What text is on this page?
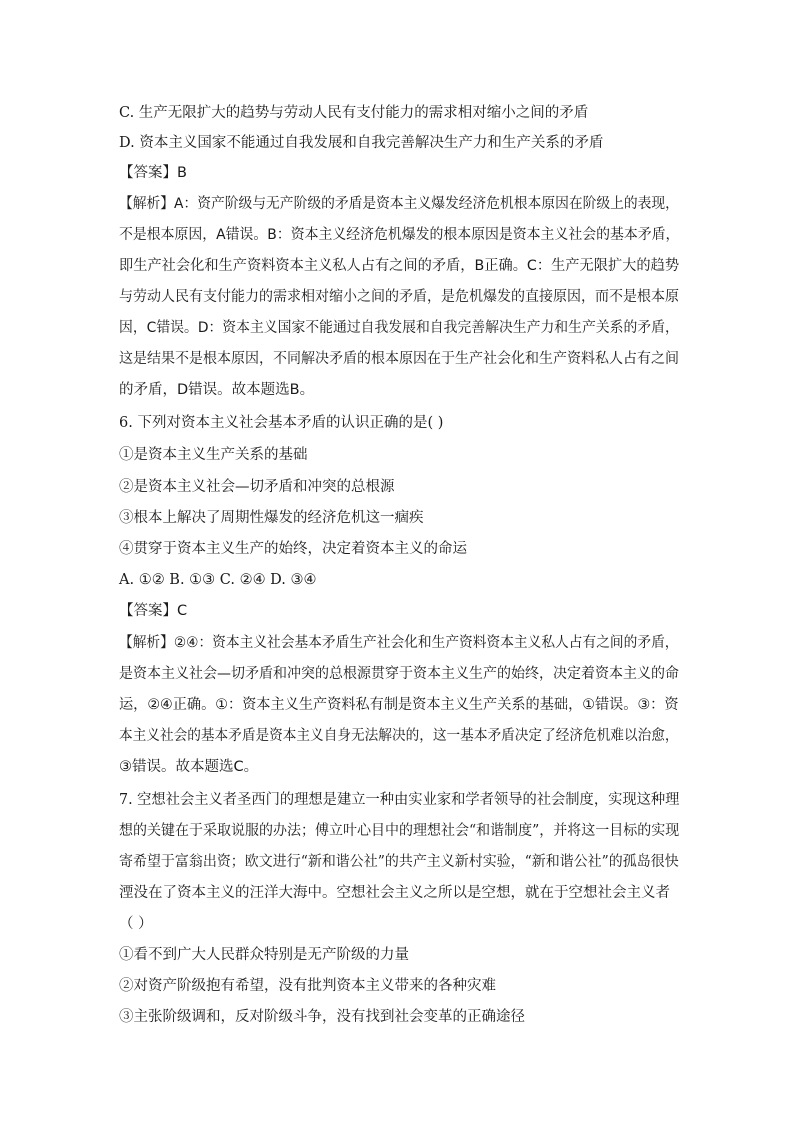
C. 生产无限扩大的趋势与劳动人民有支付能力的需求相对缩小之间的矛盾
D. 资本主义国家不能通过自我发展和自我完善解决生产力和生产关系的矛盾
【答案】B
【解析】A：资产阶级与无产阶级的矛盾是资本主义爆发经济危机根本原因在阶级上的表现，
不是根本原因，A错误。B：资本主义经济危机爆发的根本原因是资本主义社会的基本矛盾，
即生产社会化和生产资料资本主义私人占有之间的矛盾，B正确。C：生产无限扩大的趋势
与劳动人民有支付能力的需求相对缩小之间的矛盾，是危机爆发的直接原因，而不是根本原
因，C错误。D：资本主义国家不能通过自我发展和自我完善解决生产力和生产关系的矛盾，
这是结果不是根本原因，不同解决矛盾的根本原因在于生产社会化和生产资料私人占有之间
的矛盾，D错误。故本题选B。
6. 下列对资本主义社会基本矛盾的认识正确的是( )
①是资本主义生产关系的基础
②是资本主义社会—切矛盾和冲突的总根源
③根本上解决了周期性爆发的经济危机这一痼疾
④贯穿于资本主义生产的始终，决定着资本主义的命运
A. ①② B. ①③ C. ②④ D. ③④
【答案】C
【解析】②④：资本主义社会基本矛盾生产社会化和生产资料资本主义私人占有之间的矛盾，
是资本主义社会—切矛盾和冲突的总根源贯穿于资本主义生产的始终，决定着资本主义的命
运，②④正确。①：资本主义生产资料私有制是资本主义生产关系的基础，①错误。③：资
本主义社会的基本矛盾是资本主义自身无法解决的，这一基本矛盾决定了经济危机难以治愈，
③错误。故本题选C。
7. 空想社会主义者圣西门的理想是建立一种由实业家和学者领导的社会制度，实现这种理
想的关键在于采取说服的办法；傅立叶心目中的理想社会“和谐制度”，并将这一目标的实现
寄希望于富翁出资；欧文进行“新和谐公社”的共产主义新村实验，“新和谐公社”的孤岛很快
湮没在了资本主义的汪洋大海中。空想社会主义之所以是空想，就在于空想社会主义者
（ ）
①看不到广大人民群众特别是无产阶级的力量
②对资产阶级抱有希望，没有批判资本主义带来的各种灾难
③主张阶级调和，反对阶级斗争，没有找到社会变革的正确途径
